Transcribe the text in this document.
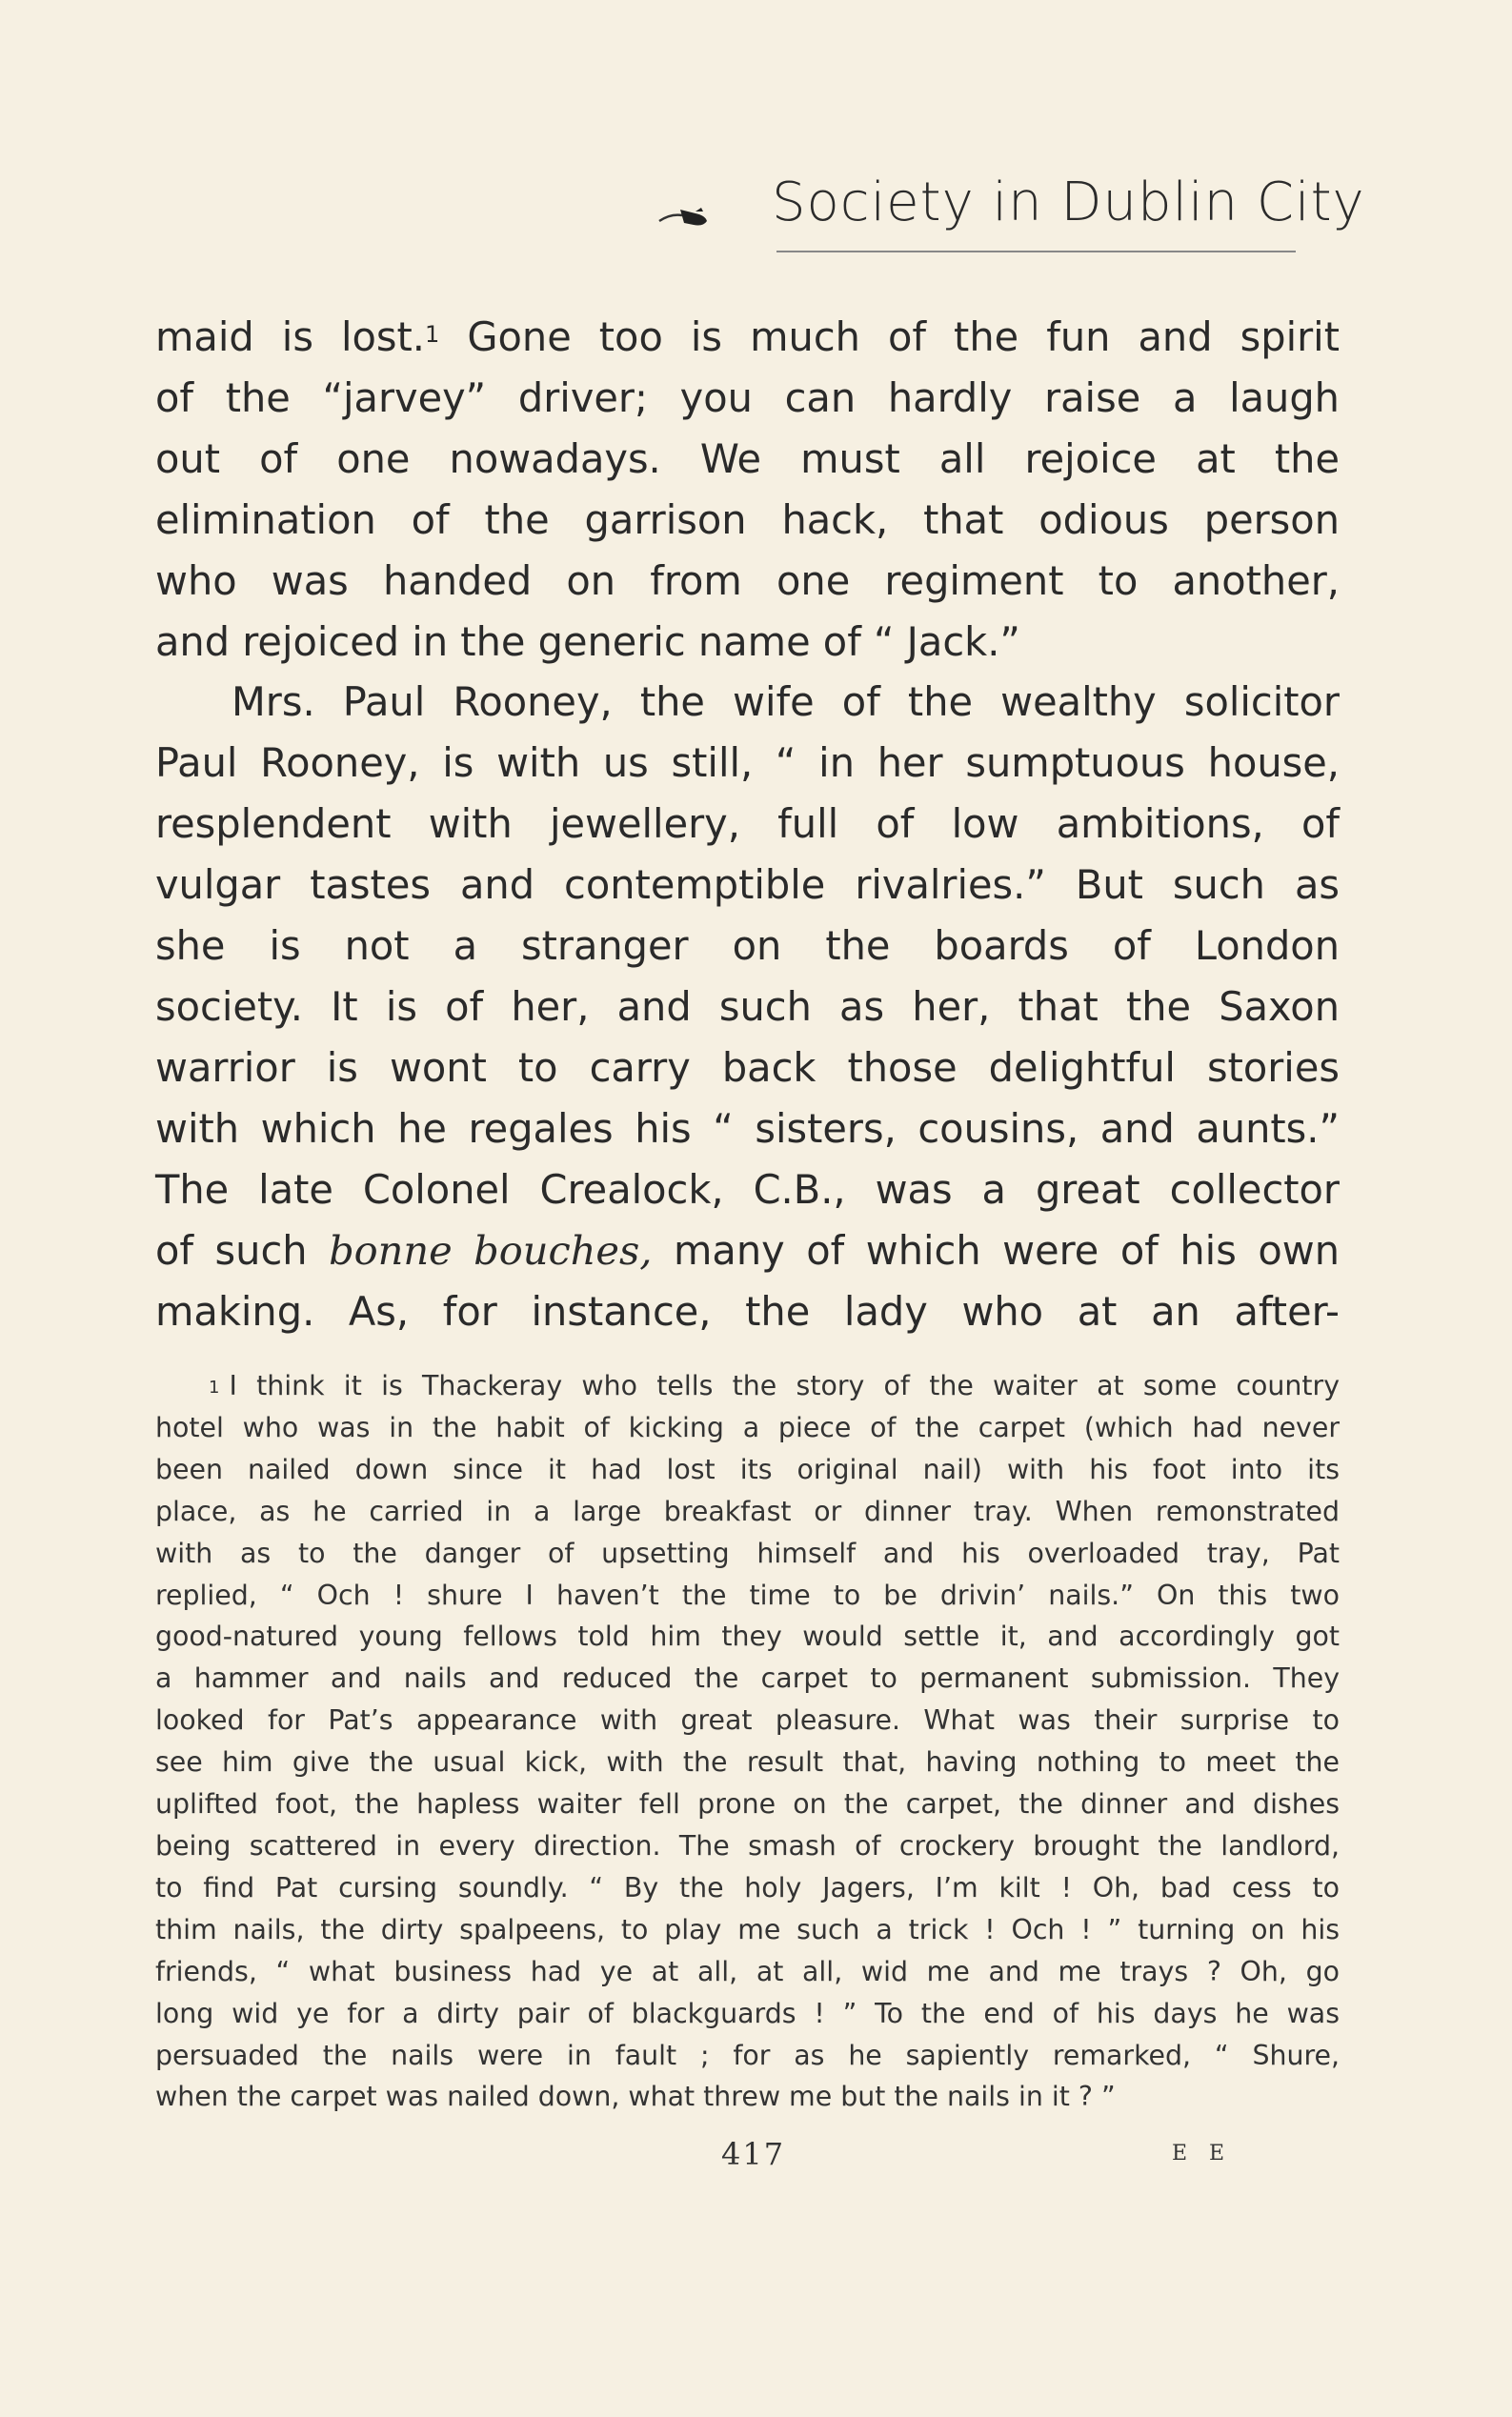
Society in Dublin City
maid is lost.$^1$ Gone too is much of the fun and spirit
of the “jarvey” driver; you can hardly raise a laugh
out of one nowadays. We must all rejoice at the
elimination of the garrison hack, that odious person
who was handed on from one regiment to another,
and rejoiced in the generic name of “ Jack.”
Mrs. Paul Rooney, the wife of the wealthy solicitor
Paul Rooney, is with us still, “ in her sumptuous house,
resplendent with jewellery, full of low ambitions, of
vulgar tastes and contemptible rivalries.” But such as
she is not a stranger on the boards of London
society. It is of her, and such as her, that the Saxon
warrior is wont to carry back those delightful stories
with which he regales his “ sisters, cousins, and aunts.”
The late Colonel Crealock, C.B., was a great collector
of such bonne bouches, many of which were of his own
making. As, for instance, the lady who at an after-
$^1$ I think it is Thackeray who tells the story of the waiter at some country
hotel who was in the habit of kicking a piece of the carpet (which had never
been nailed down since it had lost its original nail) with his foot into its
place, as he carried in a large breakfast or dinner tray. When remonstrated
with as to the danger of upsetting himself and his overloaded tray, Pat
replied, “ Och ! shure I haven’t the time to be drivin’ nails.” On this two
good-natured young fellows told him they would settle it, and accordingly got
a hammer and nails and reduced the carpet to permanent submission. They
looked for Pat’s appearance with great pleasure. What was their surprise to
see him give the usual kick, with the result that, having nothing to meet the
uplifted foot, the hapless waiter fell prone on the carpet, the dinner and dishes
being scattered in every direction. The smash of crockery brought the landlord,
to find Pat cursing soundly. “ By the holy Jagers, I’m kilt ! Oh, bad cess to
thim nails, the dirty spalpeens, to play me such a trick ! Och ! ” turning on his
friends, “ what business had ye at all, at all, wid me and me trays ? Oh, go
long wid ye for a dirty pair of blackguards ! ” To the end of his days he was
persuaded the nails were in fault ; for as he sapiently remarked, “ Shure,
when the carpet was nailed down, what threw me but the nails in it ? ”
417	E E
